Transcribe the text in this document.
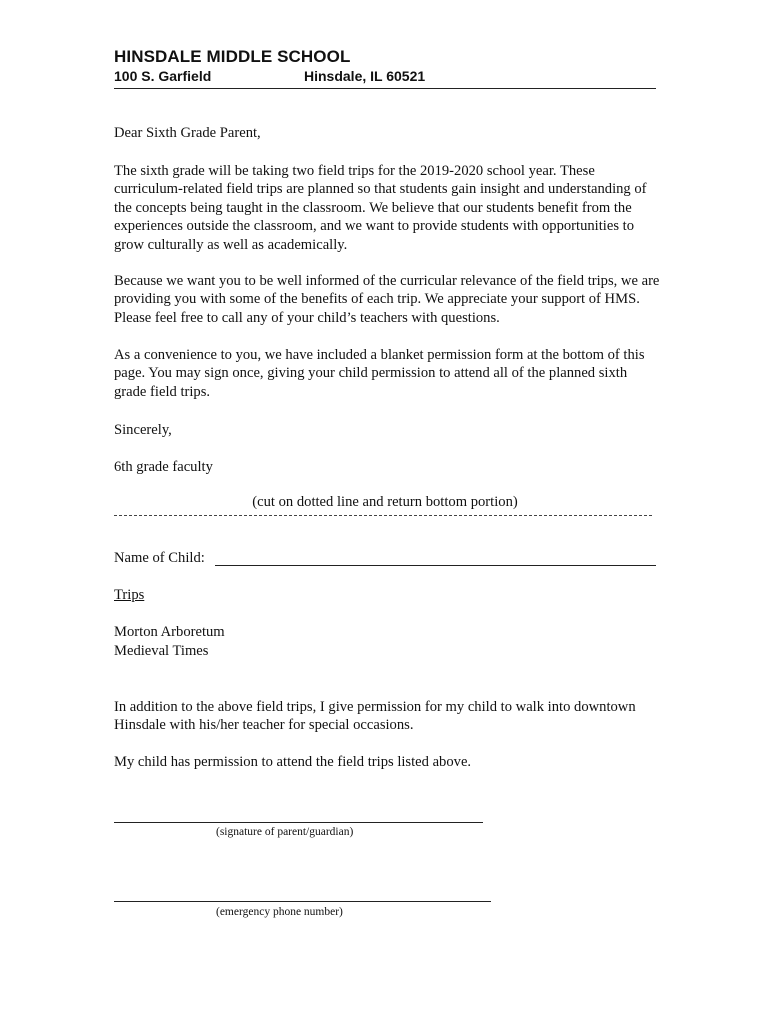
HINSDALE MIDDLE SCHOOL
100 S. Garfield	Hinsdale, IL 60521

Dear Sixth Grade Parent,

The sixth grade will be taking two field trips for the 2019-2020 school year. These curriculum-related field trips are planned so that students gain insight and understanding of the concepts being taught in the classroom. We believe that our students benefit from the experiences outside the classroom, and we want to provide students with opportunities to grow culturally as well as academically.

Because we want you to be well informed of the curricular relevance of the field trips, we are providing you with some of the benefits of each trip. We appreciate your support of HMS. Please feel free to call any of your child’s teachers with questions.

As a convenience to you, we have included a blanket permission form at the bottom of this page. You may sign once, giving your child permission to attend all of the planned sixth grade field trips.

Sincerely,

6th grade faculty

(cut on dotted line and return bottom portion)
Name of Child:
Trips
Morton Arboretum
Medieval Times

In addition to the above field trips, I give permission for my child to walk into downtown Hinsdale with his/her teacher for special occasions.

My child has permission to attend the field trips listed above.

(signature of parent/guardian)
(emergency phone number)
